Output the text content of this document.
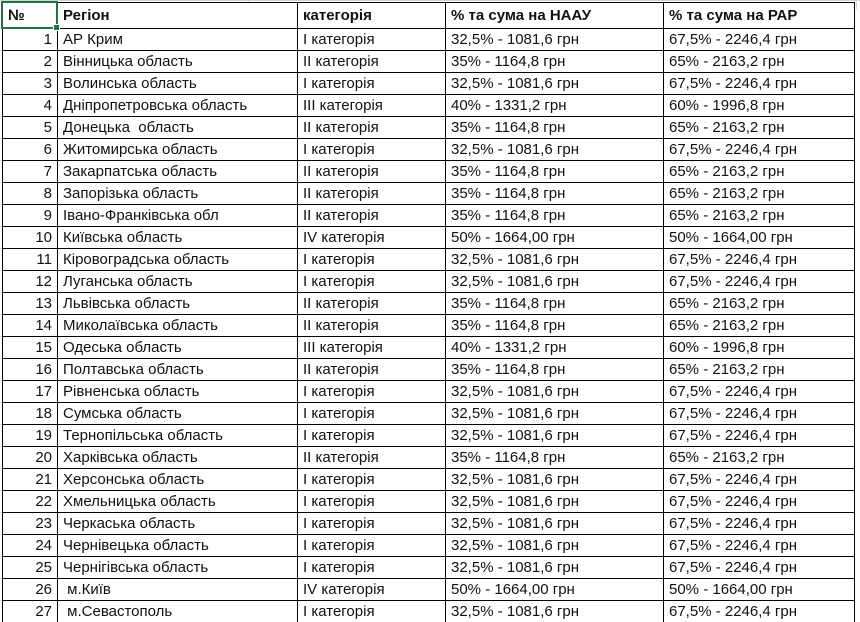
№	Регіон	категорія	% та сума на НААУ	% та сума на РАР
1	АР Крим	I категорія	32,5% - 1081,6 грн	67,5% - 2246,4 грн
2	Вінницька область	II категорія	35% - 1164,8 грн	65% - 2163,2 грн
3	Волинська область	I категорія	32,5% - 1081,6 грн	67,5% - 2246,4 грн
4	Дніпропетровська область	III категорія	40% - 1331,2 грн	60% - 1996,8 грн
5	Донецька  область	II категорія	35% - 1164,8 грн	65% - 2163,2 грн
6	Житомирська область	I категорія	32,5% - 1081,6 грн	67,5% - 2246,4 грн
7	Закарпатська область	II категорія	35% - 1164,8 грн	65% - 2163,2 грн
8	Запорізька область	II категорія	35% - 1164,8 грн	65% - 2163,2 грн
9	Івано-Франківська обл	II категорія	35% - 1164,8 грн	65% - 2163,2 грн
10	Київська область	IV категорія	50% - 1664,00 грн	50% - 1664,00 грн
11	Кіровоградська область	I категорія	32,5% - 1081,6 грн	67,5% - 2246,4 грн
12	Луганська область	I категорія	32,5% - 1081,6 грн	67,5% - 2246,4 грн
13	Львівська область	II категорія	35% - 1164,8 грн	65% - 2163,2 грн
14	Миколаївська область	II категорія	35% - 1164,8 грн	65% - 2163,2 грн
15	Одеська область	III категорія	40% - 1331,2 грн	60% - 1996,8 грн
16	Полтавська область	II категорія	35% - 1164,8 грн	65% - 2163,2 грн
17	Рівненська область	I категорія	32,5% - 1081,6 грн	67,5% - 2246,4 грн
18	Сумська область	I категорія	32,5% - 1081,6 грн	67,5% - 2246,4 грн
19	Тернопільська область	I категорія	32,5% - 1081,6 грн	67,5% - 2246,4 грн
20	Харківська область	II категорія	35% - 1164,8 грн	65% - 2163,2 грн
21	Херсонська область	I категорія	32,5% - 1081,6 грн	67,5% - 2246,4 грн
22	Хмельницька область	I категорія	32,5% - 1081,6 грн	67,5% - 2246,4 грн
23	Черкаська область	I категорія	32,5% - 1081,6 грн	67,5% - 2246,4 грн
24	Чернівецька область	I категорія	32,5% - 1081,6 грн	67,5% - 2246,4 грн
25	Чернігівська область	I категорія	32,5% - 1081,6 грн	67,5% - 2246,4 грн
26	м.Київ	IV категорія	50% - 1664,00 грн	50% - 1664,00 грн
27	м.Севастополь	I категорія	32,5% - 1081,6 грн	67,5% - 2246,4 грн
